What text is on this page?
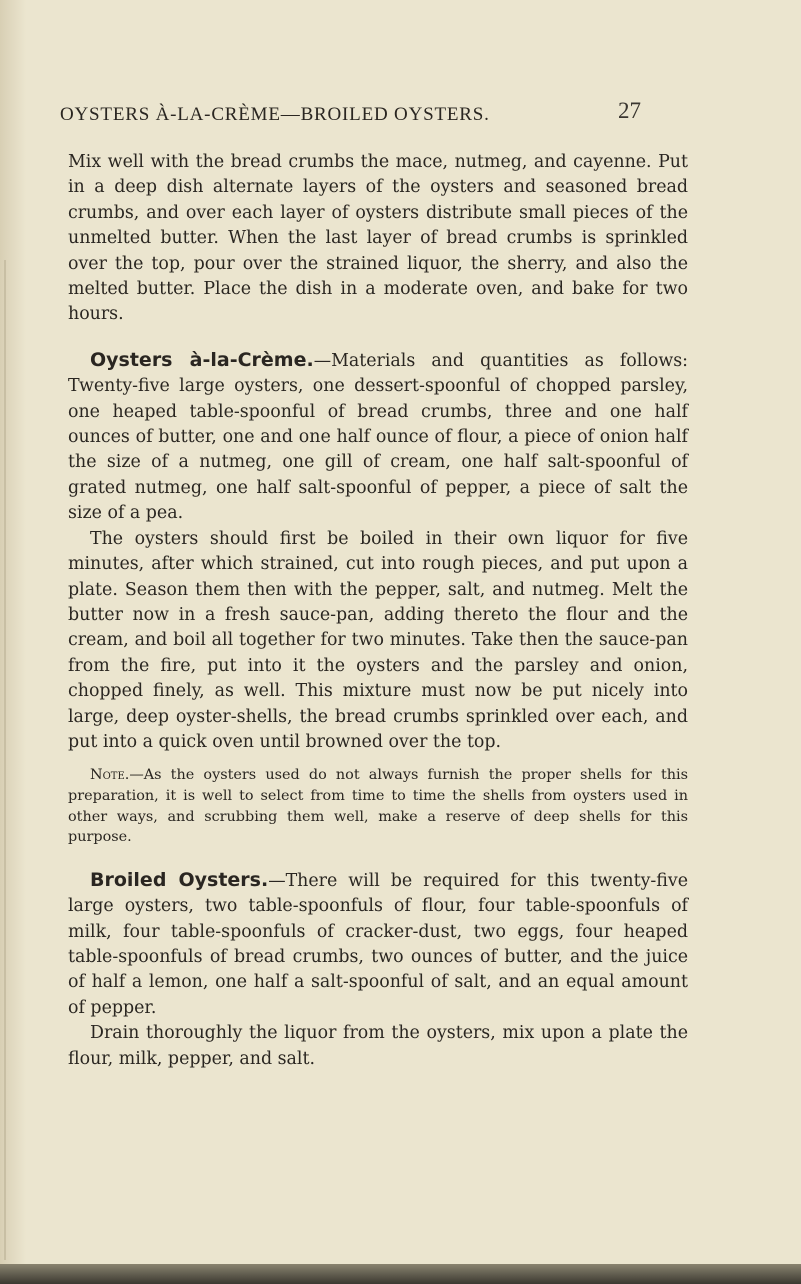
OYSTERS À-LA-CRÈME—BROILED OYSTERS.	27

Mix well with the bread crumbs the mace, nutmeg, and cayenne. Put in a deep dish alternate layers of the oysters and seasoned bread crumbs, and over each layer of oysters distribute small pieces of the unmelted butter. When the last layer of bread crumbs is sprinkled over the top, pour over the strained liquor, the sherry, and also the melted butter. Place the dish in a moderate oven, and bake for two hours.

Oysters à-la-Crème.—Materials and quantities as follows: Twenty-five large oysters, one dessert-spoonful of chopped parsley, one heaped table-spoonful of bread crumbs, three and one half ounces of butter, one and one half ounce of flour, a piece of onion half the size of a nutmeg, one gill of cream, one half salt-spoonful of grated nutmeg, one half salt-spoonful of pepper, a piece of salt the size of a pea.

The oysters should first be boiled in their own liquor for five minutes, after which strained, cut into rough pieces, and put upon a plate. Season them then with the pepper, salt, and nutmeg. Melt the butter now in a fresh sauce-pan, adding thereto the flour and the cream, and boil all together for two minutes. Take then the sauce-pan from the fire, put into it the oysters and the parsley and onion, chopped finely, as well. This mixture must now be put nicely into large, deep oyster-shells, the bread crumbs sprinkled over each, and put into a quick oven until browned over the top.

Note.—As the oysters used do not always furnish the proper shells for this preparation, it is well to select from time to time the shells from oysters used in other ways, and scrubbing them well, make a reserve of deep shells for this purpose.

Broiled Oysters.—There will be required for this twenty-five large oysters, two table-spoonfuls of flour, four table-spoonfuls of milk, four table-spoonfuls of cracker-dust, two eggs, four heaped table-spoonfuls of bread crumbs, two ounces of butter, and the juice of half a lemon, one half a salt-spoonful of salt, and an equal amount of pepper.

Drain thoroughly the liquor from the oysters, mix upon a plate the flour, milk, pepper, and salt.
